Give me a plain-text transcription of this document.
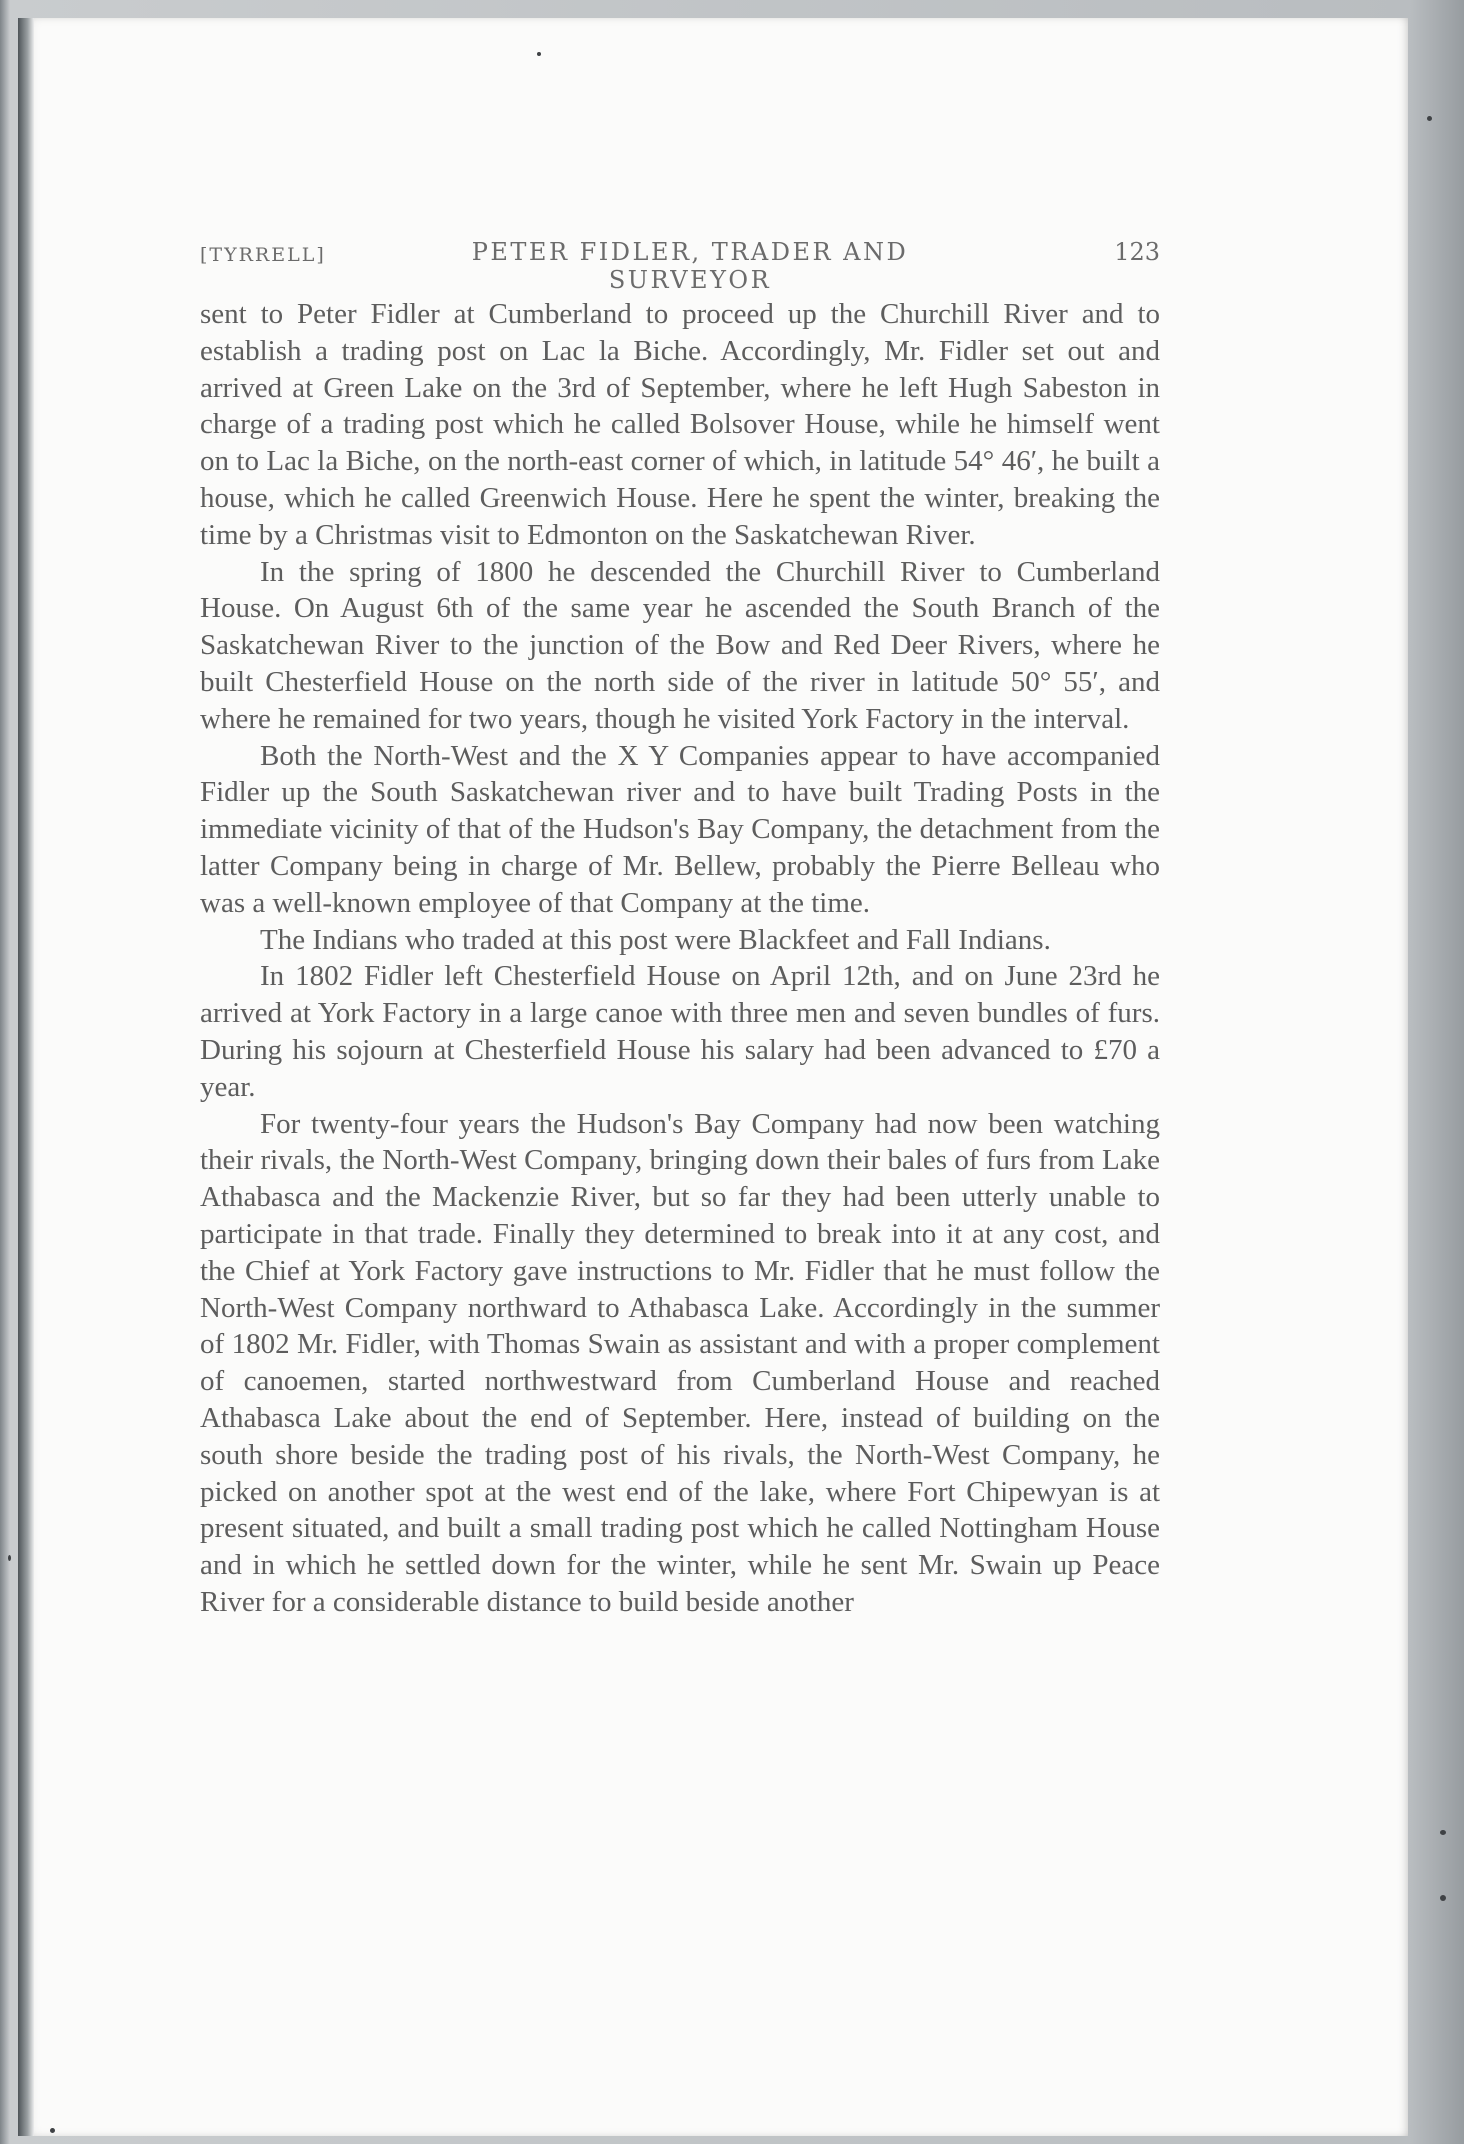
[TYRRELL]	PETER FIDLER, TRADER AND SURVEYOR
123

sent to Peter Fidler at Cumberland to proceed up the Churchill River and to establish a trading post on Lac la Biche. Accordingly, Mr. Fidler set out and arrived at Green Lake on the 3rd of September, where he left Hugh Sabeston in charge of a trading post which he called Bolsover House, while he himself went on to Lac la Biche, on the north-east corner of which, in latitude 54° 46′, he built a house, which he called Greenwich House. Here he spent the winter, breaking the time by a Christmas visit to Edmonton on the Saskatchewan River.

In the spring of 1800 he descended the Churchill River to Cumberland House. On August 6th of the same year he ascended the South Branch of the Saskatchewan River to the junction of the Bow and Red Deer Rivers, where he built Chesterfield House on the north side of the river in latitude 50° 55′, and where he remained for two years, though he visited York Factory in the interval.

Both the North-West and the X Y Companies appear to have accompanied Fidler up the South Saskatchewan river and to have built Trading Posts in the immediate vicinity of that of the Hudson's Bay Company, the detachment from the latter Company being in charge of Mr. Bellew, probably the Pierre Belleau who was a well-known employee of that Company at the time.

The Indians who traded at this post were Blackfeet and Fall Indians.

In 1802 Fidler left Chesterfield House on April 12th, and on June 23rd he arrived at York Factory in a large canoe with three men and seven bundles of furs. During his sojourn at Chesterfield House his salary had been advanced to £70 a year.

For twenty-four years the Hudson's Bay Company had now been watching their rivals, the North-West Company, bringing down their bales of furs from Lake Athabasca and the Mackenzie River, but so far they had been utterly unable to participate in that trade. Finally they determined to break into it at any cost, and the Chief at York Factory gave instructions to Mr. Fidler that he must follow the North-West Company northward to Athabasca Lake. Accordingly in the summer of 1802 Mr. Fidler, with Thomas Swain as assistant and with a proper complement of canoemen, started northwestward from Cumberland House and reached Athabasca Lake about the end of September. Here, instead of building on the south shore beside the trading post of his rivals, the North-West Company, he picked on another spot at the west end of the lake, where Fort Chipewyan is at present situated, and built a small trading post which he called Nottingham House and in which he settled down for the winter, while he sent Mr. Swain up Peace River for a considerable distance to build beside another
